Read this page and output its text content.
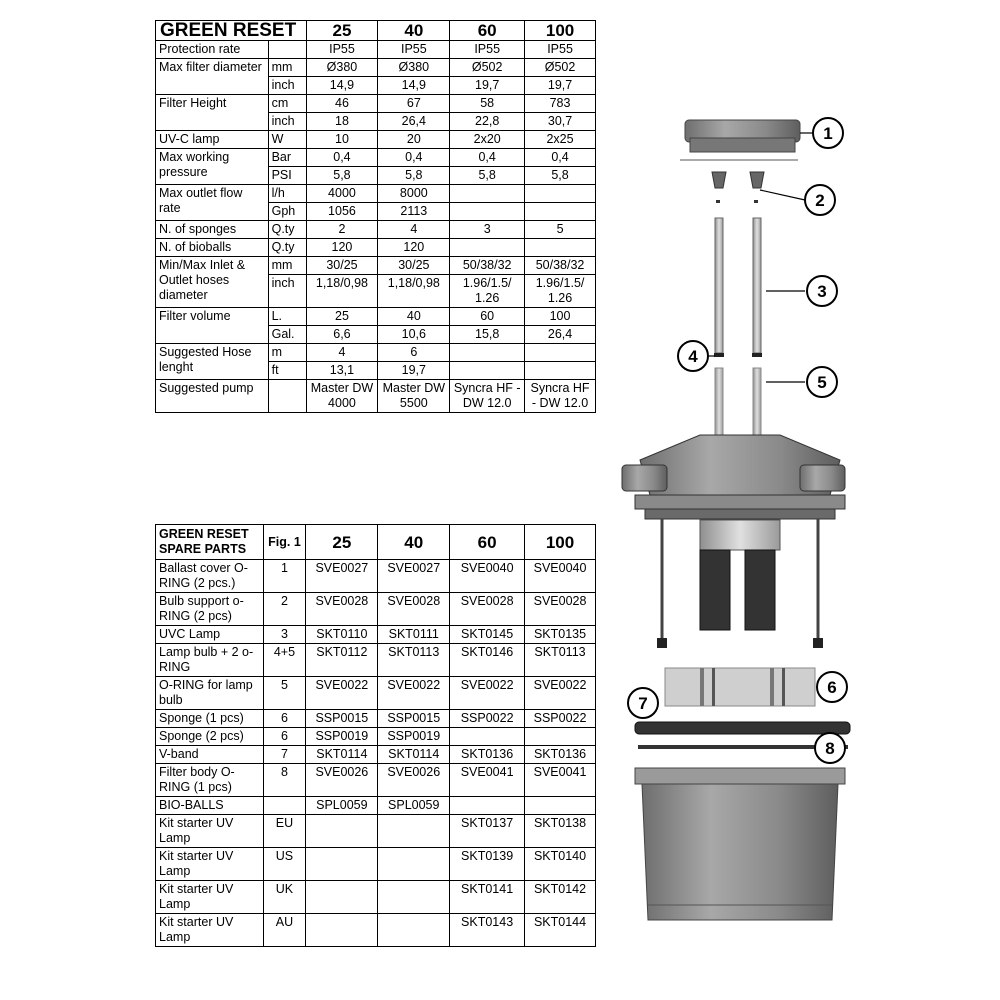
GREEN RESET		25	40	60	100
Protection rate		IP55	IP55	IP55	IP55
Max filter diameter	mm	Ø380	Ø380	Ø502	Ø502
	inch	14,9	14,9	19,7	19,7
Filter Height	cm	46	67	58	783
	inch	18	26,4	22,8	30,7
UV-C lamp	W	10	20	2x20	2x25
Max working pressure	Bar	0,4	0,4	0,4	0,4
	PSI	5,8	5,8	5,8	5,8
Max outlet flow rate	l/h	4000	8000		
	Gph	1056	2113		
N. of sponges	Q.ty	2	4	3	5
N. of bioballs	Q.ty	120	120		
Min/Max Inlet & Outlet hoses diameter	mm	30/25	30/25	50/38/32	50/38/32
	inch	1,18/0,98	1,18/0,98	1.96/1.5/ 1.26	1.96/1.5/ 1.26
Filter volume	L.	25	40	60	100
	Gal.	6,6	10,6	15,8	26,4
Suggested Hose lenght	m	4	6		
	ft	13,1	19,7		
Suggested pump		Master DW 4000	Master DW 5500	Syncra HF - DW 12.0	Syncra HF - DW 12.0
GREEN RESET SPARE PARTS	Fig. 1	25	40	60	100
Ballast cover O-RING (2 pcs.)	1	SVE0027	SVE0027	SVE0040	SVE0040
Bulb support o-RING (2 pcs)	2	SVE0028	SVE0028	SVE0028	SVE0028
UVC Lamp	3	SKT0110	SKT0111	SKT0145	SKT0135
Lamp bulb + 2 o-RING	4+5	SKT0112	SKT0113	SKT0146	SKT0113
O-RING for lamp bulb	5	SVE0022	SVE0022	SVE0022	SVE0022
Sponge (1 pcs)	6	SSP0015	SSP0015	SSP0022	SSP0022
Sponge (2 pcs)	6	SSP0019	SSP0019		
V-band	7	SKT0114	SKT0114	SKT0136	SKT0136
Filter body O-RING (1 pcs)	8	SVE0026	SVE0026	SVE0041	SVE0041
BIO-BALLS		SPL0059	SPL0059		
Kit starter UV Lamp	EU			SKT0137	SKT0138
Kit starter UV Lamp	US			SKT0139	SKT0140
Kit starter UV Lamp	UK			SKT0141	SKT0142
Kit starter UV Lamp	AU			SKT0143	SKT0144
1
2
3
4
5
6
7
8
